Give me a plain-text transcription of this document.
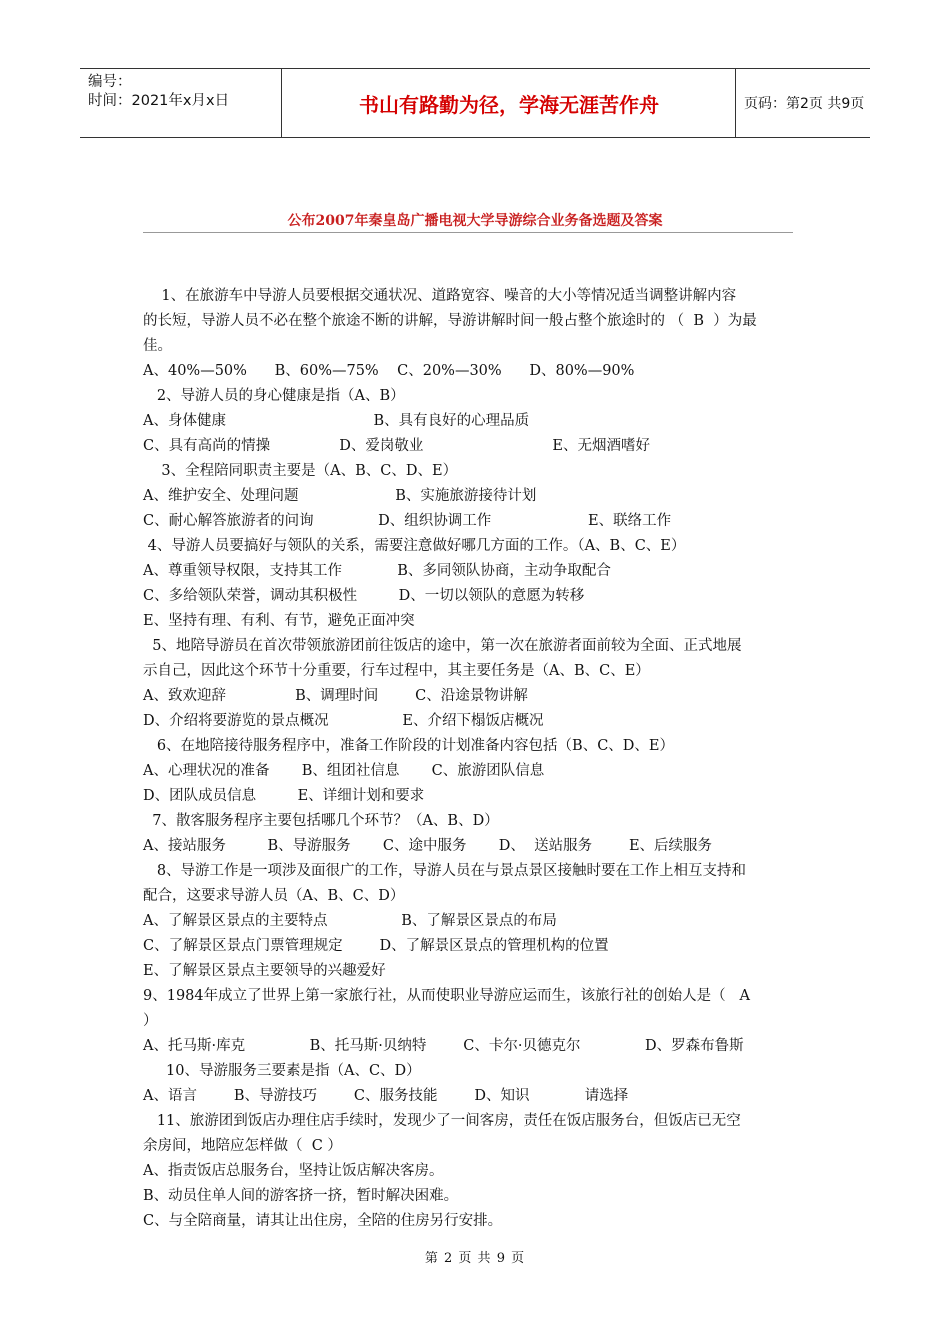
编号：
时间：2021年x月x日	书山有路勤为径，学海无涯苦作舟	页码：第2页 共9页
公布2007年秦皇岛广播电视大学导游综合业务备选题及答案

1、在旅游车中导游人员要根据交通状况、道路宽容、噪音的大小等情况适当调整讲解内容

的长短，导游人员不必在整个旅途不断的讲解，导游讲解时间一般占整个旅途时的 （  B  ）为最

佳。

A、40%—50%      B、60%—75%    C、20%—30%      D、80%—90%

2、导游人员的身心健康是指（A、B）

A、身体健康                                B、具有良好的心理品质

C、具有高尚的情操               D、爱岗敬业                            E、无烟酒嗜好

3、全程陪同职责主要是（A、B、C、D、E）

A、维护安全、处理问题                     B、实施旅游接待计划

C、耐心解答旅游者的问询              D、组织协调工作                     E、联络工作

4、导游人员要搞好与领队的关系，需要注意做好哪几方面的工作。（A、B、C、E）

A、尊重领导权限，支持其工作            B、多同领队协商，主动争取配合

C、多给领队荣誉，调动其积极性         D、一切以领队的意愿为转移

E、坚持有理、有利、有节，避免正面冲突

5、地陪导游员在首次带领旅游团前往饭店的途中，第一次在旅游者面前较为全面、正式地展

示自己，因此这个环节十分重要，行车过程中，其主要任务是（A、B、C、E）

A、致欢迎辞               B、调理时间        C、沿途景物讲解

D、介绍将要游览的景点概况                E、介绍下榻饭店概况

6、在地陪接待服务程序中，准备工作阶段的计划准备内容包括（B、C、D、E）

A、心理状况的准备       B、组团社信息       C、旅游团队信息

D、团队成员信息         E、详细计划和要求

7、散客服务程序主要包括哪几个环节？（A、B、D）

A、接站服务         B、导游服务       C、途中服务       D、  送站服务        E、后续服务

8、导游工作是一项涉及面很广的工作，导游人员在与景点景区接触时要在工作上相互支持和

配合，这要求导游人员（A、B、C、D）

A、了解景区景点的主要特点                B、了解景区景点的布局

C、了解景区景点门票管理规定        D、了解景区景点的管理机构的位置

E、了解景区景点主要领导的兴趣爱好

9、1984年成立了世界上第一家旅行社，从而使职业导游应运而生，该旅行社的创始人是（   A

）

A、托马斯·库克              B、托马斯·贝纳特        C、卡尔·贝德克尔              D、罗森布鲁斯

10、导游服务三要素是指（A、C、D）

A、语言        B、导游技巧        C、服务技能        D、知识            请选择

11、旅游团到饭店办理住店手续时，发现少了一间客房，责任在饭店服务台，但饭店已无空

余房间，地陪应怎样做（  C ）

A、指责饭店总服务台，坚持让饭店解决客房。

B、动员住单人间的游客挤一挤，暂时解决困难。

C、与全陪商量，请其让出住房，全陪的住房另行安排。

第 2 页 共 9 页
